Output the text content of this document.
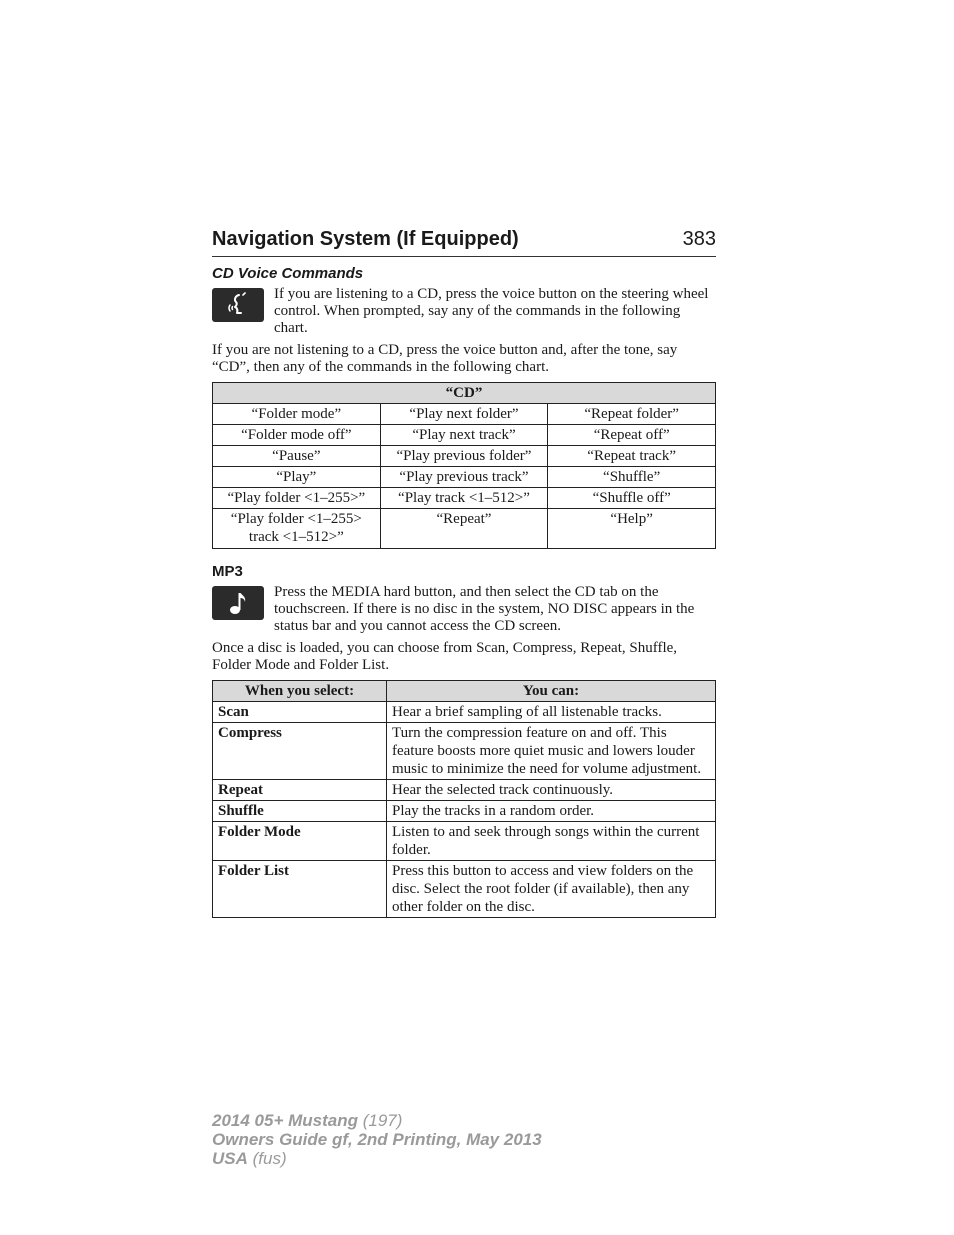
Navigation System (If Equipped)	383
CD Voice Commands
If you are listening to a CD, press the voice button on the steering wheel control. When prompted, say any of the commands in the following chart.
If you are not listening to a CD, press the voice button and, after the tone, say “CD”, then any of the commands in the following chart.
“CD”		
“Folder mode”	“Play next folder”	“Repeat folder”
“Folder mode off”	“Play next track”	“Repeat off”
“Pause”	“Play previous folder”	“Repeat track”
“Play”	“Play previous track”	“Shuffle”
“Play folder <1–255>”	“Play track <1–512>”	“Shuffle off”
“Play folder <1–255> track <1–512>”	“Repeat”	“Help”
MP3
Press the MEDIA hard button, and then select the CD tab on the touchscreen. If there is no disc in the system, NO DISC appears in the status bar and you cannot access the CD screen.
Once a disc is loaded, you can choose from Scan, Compress, Repeat, Shuffle, Folder Mode and Folder List.
When you select:	You can:
Scan	Hear a brief sampling of all listenable tracks.
Compress	Turn the compression feature on and off. This feature boosts more quiet music and lowers louder music to minimize the need for volume adjustment.
Repeat	Hear the selected track continuously.
Shuffle	Play the tracks in a random order.
Folder Mode	Listen to and seek through songs within the current folder.
Folder List	Press this button to access and view folders on the disc. Select the root folder (if available), then any other folder on the disc.
2014 05+ Mustang (197)
Owners Guide gf, 2nd Printing, May 2013
USA (fus)
